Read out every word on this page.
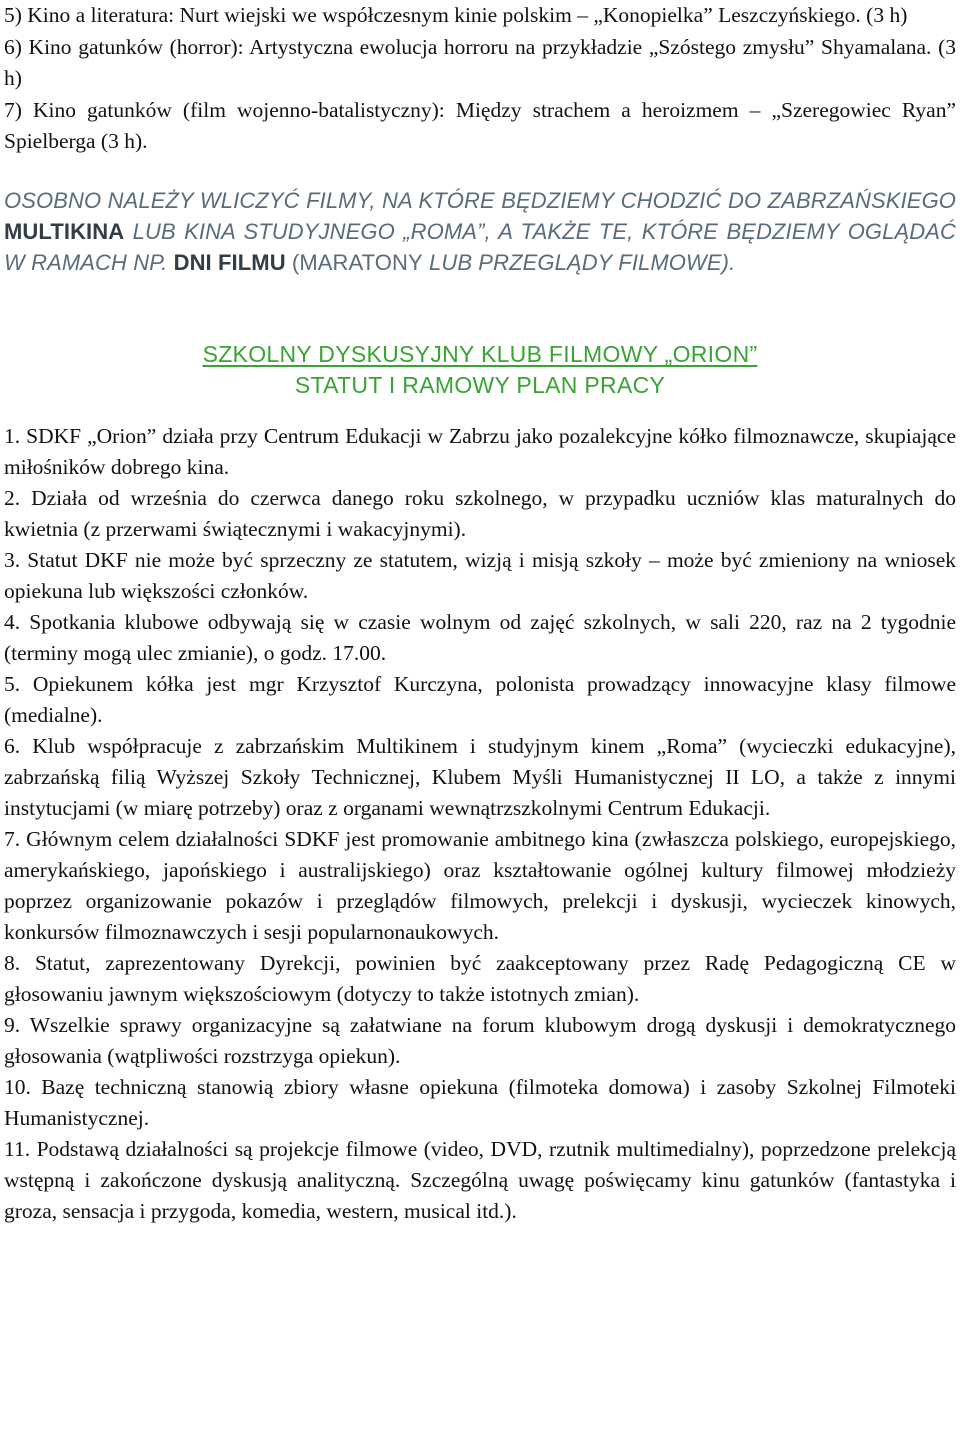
5) Kino a literatura: Nurt wiejski we współczesnym kinie polskim – „Konopielka” Leszczyńskiego. (3 h)

6) Kino gatunków (horror): Artystyczna ewolucja horroru na przykładzie „Szóstego zmysłu” Shyamalana. (3 h)

7) Kino gatunków (film wojenno-batalistyczny): Między strachem a heroizmem – „Szeregowiec Ryan” Spielberga (3 h).

OSOBNO NALEŻY WLICZYĆ FILMY, NA KTÓRE BĘDZIEMY CHODZIĆ DO ZABRZAŃSKIEGO MULTIKINA LUB KINA STUDYJNEGO „ROMA”, A TAKŻE TE, KTÓRE BĘDZIEMY OGLĄDAĆ W RAMACH NP. DNI FILMU (MARATONY LUB PRZEGLĄDY FILMOWE).

SZKOLNY DYSKUSYJNY KLUB FILMOWY „ORION”
STATUT I RAMOWY PLAN PRACY

1. SDKF „Orion” działa przy Centrum Edukacji w Zabrzu jako pozalekcyjne kółko filmoznawcze, skupiające miłośników dobrego kina.

2. Działa od września do czerwca danego roku szkolnego, w przypadku uczniów klas maturalnych do kwietnia (z przerwami świątecznymi i wakacyjnymi).

3. Statut DKF nie może być sprzeczny ze statutem, wizją i misją szkoły – może być zmieniony na wniosek opiekuna lub większości członków.

4. Spotkania klubowe odbywają się w czasie wolnym od zajęć szkolnych, w sali 220, raz na 2 tygodnie (terminy mogą ulec zmianie), o godz. 17.00.

5. Opiekunem kółka jest mgr Krzysztof Kurczyna, polonista prowadzący innowacyjne klasy filmowe (medialne).

6. Klub współpracuje z zabrzańskim Multikinem i studyjnym kinem „Roma” (wycieczki edukacyjne), zabrzańską filią Wyższej Szkoły Technicznej, Klubem Myśli Humanistycznej II LO, a także z innymi instytucjami (w miarę potrzeby) oraz z organami wewnątrzszkolnymi Centrum Edukacji.

7. Głównym celem działalności SDKF jest promowanie ambitnego kina (zwłaszcza polskiego, europejskiego, amerykańskiego, japońskiego i australijskiego) oraz kształtowanie ogólnej kultury filmowej młodzieży poprzez organizowanie pokazów i przeglądów filmowych, prelekcji i dyskusji, wycieczek kinowych, konkursów filmoznawczych i sesji popularnonaukowych.

8. Statut, zaprezentowany Dyrekcji, powinien być zaakceptowany przez Radę Pedagogiczną CE w głosowaniu jawnym większościowym (dotyczy to także istotnych zmian).

9. Wszelkie sprawy organizacyjne są załatwiane na forum klubowym drogą dyskusji i demokratycznego głosowania (wątpliwości rozstrzyga opiekun).

10. Bazę techniczną stanowią zbiory własne opiekuna (filmoteka domowa) i zasoby Szkolnej Filmoteki Humanistycznej.

11. Podstawą działalności są projekcje filmowe (video, DVD, rzutnik multimedialny), poprzedzone prelekcją wstępną i zakończone dyskusją analityczną. Szczególną uwagę poświęcamy kinu gatunków (fantastyka i groza, sensacja i przygoda, komedia, western, musical itd.).
